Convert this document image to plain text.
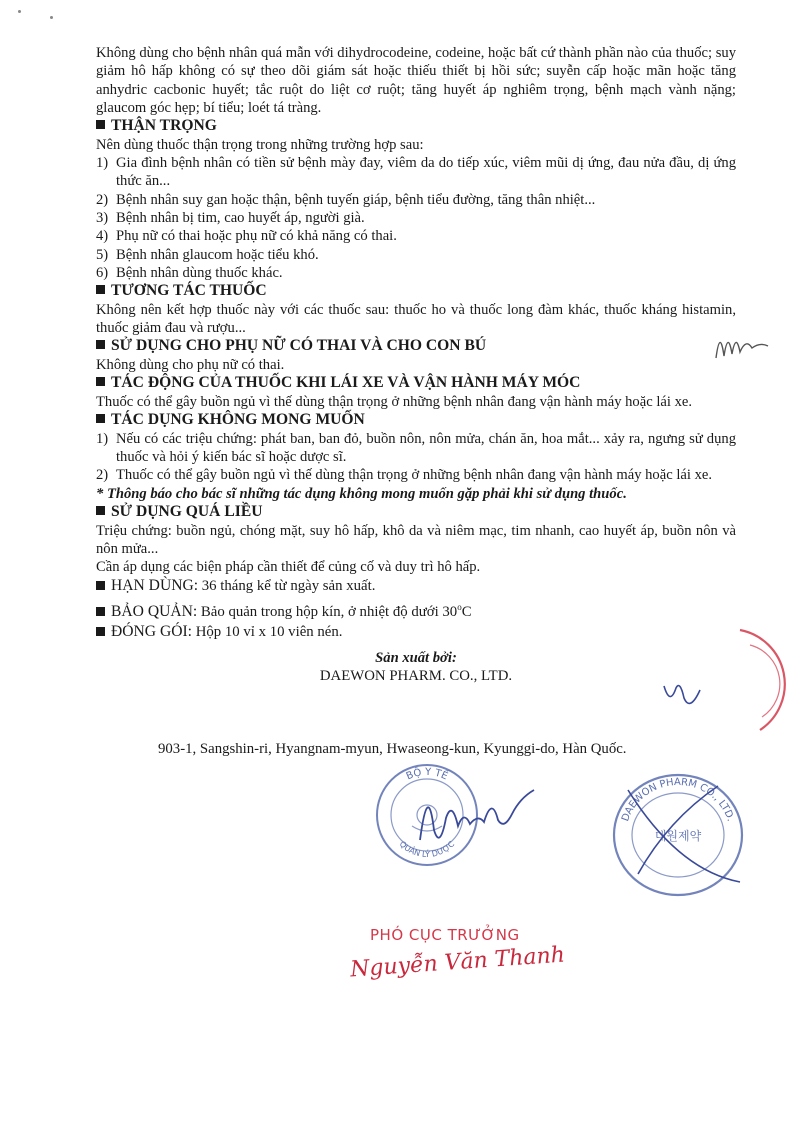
Không dùng cho bệnh nhân quá mẫn với dihydrocodeine, codeine, hoặc bất cứ thành phần nào của thuốc; suy giảm hô hấp không có sự theo dõi giám sát hoặc thiếu thiết bị hồi sức; suyễn cấp hoặc mãn hoặc tăng anhydric cacbonic huyết; tắc ruột do liệt cơ ruột; tăng huyết áp nghiêm trọng, bệnh mạch vành nặng; glaucom góc hẹp; bí tiểu; loét tá tràng.

THẬN TRỌNG

Nên dùng thuốc thận trọng trong những trường hợp sau:

1) Gia đình bệnh nhân có tiền sử bệnh mày đay, viêm da do tiếp xúc, viêm mũi dị ứng, đau nửa đầu, dị ứng thức ăn...
2) Bệnh nhân suy gan hoặc thận, bệnh tuyến giáp, bệnh tiểu đường, tăng thân nhiệt...
3) Bệnh nhân bị tim, cao huyết áp, người già.
4) Phụ nữ có thai hoặc phụ nữ có khả năng có thai.
5) Bệnh nhân glaucom hoặc tiểu khó.
6) Bệnh nhân dùng thuốc khác.
TƯƠNG TÁC THUỐC

Không nên kết hợp thuốc này với các thuốc sau: thuốc ho và thuốc long đàm khác, thuốc kháng histamin, thuốc giảm đau và rượu...

SỬ DỤNG CHO PHỤ NỮ CÓ THAI VÀ CHO CON BÚ

Không dùng cho phụ nữ có thai.

TÁC ĐỘNG CỦA THUỐC KHI LÁI XE VÀ VẬN HÀNH MÁY MÓC

Thuốc có thể gây buồn ngủ vì thế dùng thận trọng ở những bệnh nhân đang vận hành máy hoặc lái xe.

TÁC DỤNG KHÔNG MONG MUỐN
1) Nếu có các triệu chứng: phát ban, ban đỏ, buồn nôn, nôn mửa, chán ăn, hoa mắt... xảy ra, ngưng sử dụng thuốc và hỏi ý kiến bác sĩ hoặc dược sĩ.
2) Thuốc có thể gây buồn ngủ vì thế dùng thận trọng ở những bệnh nhân đang vận hành máy hoặc lái xe.

* Thông báo cho bác sĩ những tác dụng không mong muốn gặp phải khi sử dụng thuốc.

SỬ DỤNG QUÁ LIỀU

Triệu chứng: buồn ngủ, chóng mặt, suy hô hấp, khô da và niêm mạc, tim nhanh, cao huyết áp, buồn nôn và nôn mửa...

Cần áp dụng các biện pháp cần thiết để củng cố và duy trì hô hấp.

HẠN DÙNG: 36 tháng kể từ ngày sản xuất.

BẢO QUẢN: Bảo quản trong hộp kín, ở nhiệt độ dưới 30$^o$C

ĐÓNG GÓI: Hộp 10 vỉ x 10 viên nén.

Sản xuất bởi:

DAEWON PHARM. CO., LTD.

903-1, Sangshin-ri, Hyangnam-myun, Hwaseong-kun, Kyunggi-do, Hàn Quốc.
BỘ Y TẾ
QUẢN LÝ DƯỢC
DAEWON PHARM CO., LTD.
대원제약
PHÓ CỤC TRƯỞNG
Nguyễn Văn Thanh
